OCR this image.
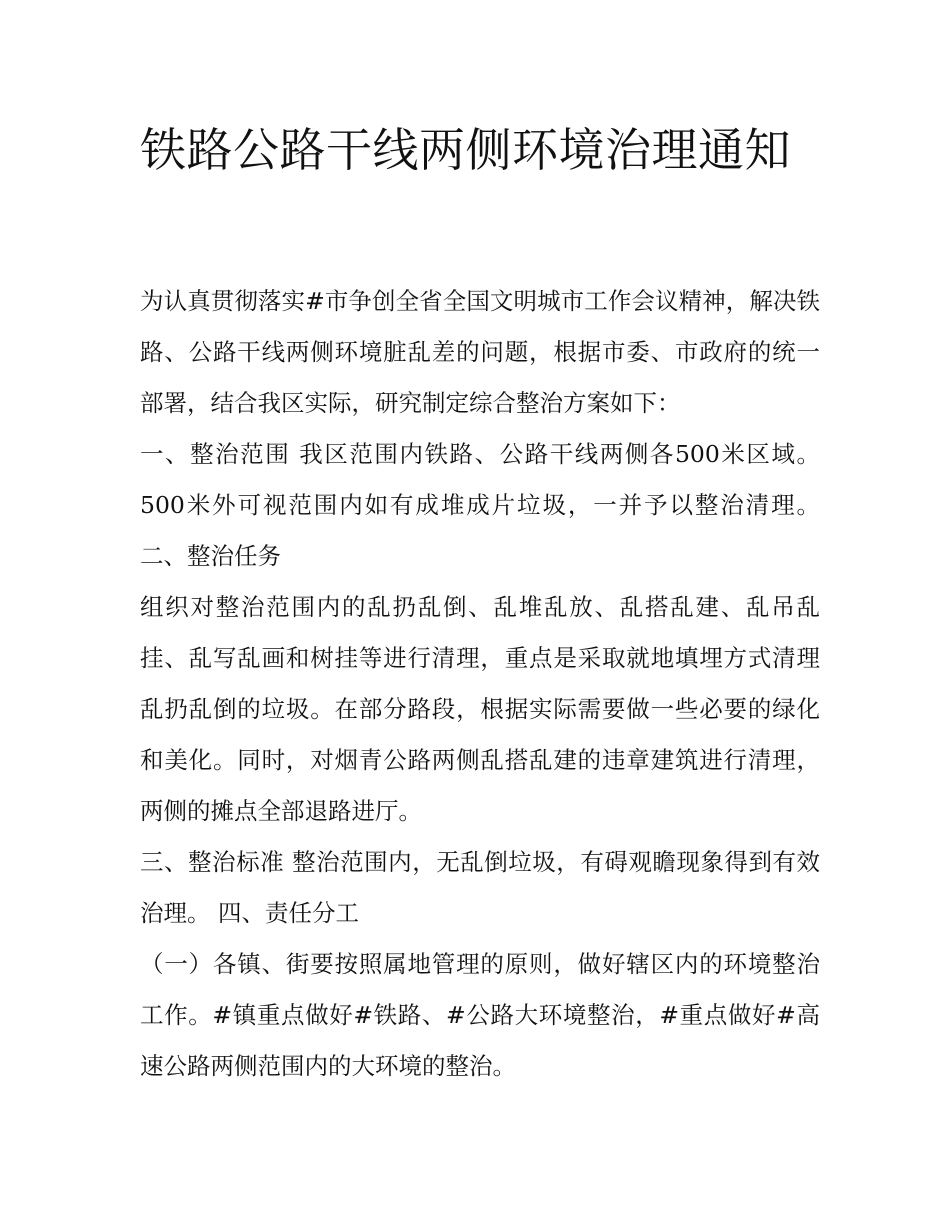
铁路公路干线两侧环境治理通知

为认真贯彻落实#市争创全省全国文明城市工作会议精神，解决铁路、公路干线两侧环境脏乱差的问题，根据市委、市政府的统一部署，结合我区实际，研究制定综合整治方案如下：

一、整治范围 我区范围内铁路、公路干线两侧各500米区域。500米外可视范围内如有成堆成片垃圾，一并予以整治清理。 二、整治任务

组织对整治范围内的乱扔乱倒、乱堆乱放、乱搭乱建、乱吊乱挂、乱写乱画和树挂等进行清理，重点是采取就地填埋方式清理乱扔乱倒的垃圾。在部分路段，根据实际需要做一些必要的绿化和美化。同时，对烟青公路两侧乱搭乱建的违章建筑进行清理，两侧的摊点全部退路进厅。

三、整治标准 整治范围内，无乱倒垃圾，有碍观瞻现象得到有效治理。 四、责任分工

（一）各镇、街要按照属地管理的原则，做好辖区内的环境整治工作。#镇重点做好#铁路、#公路大环境整治，#重点做好#高速公路两侧范围内的大环境的整治。
